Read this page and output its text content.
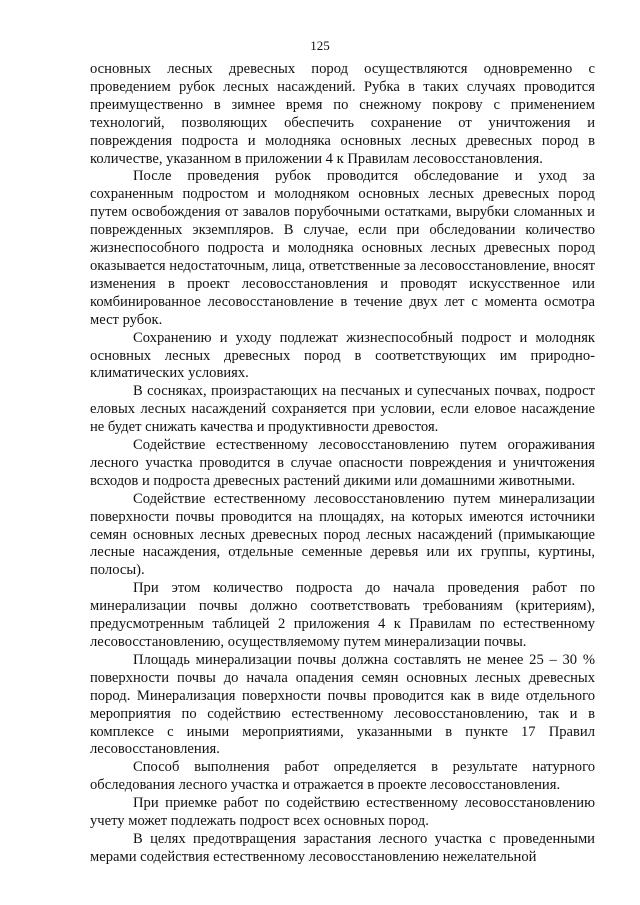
125

основных лесных древесных пород осуществляются одновременно с проведением рубок лесных насаждений. Рубка в таких случаях проводится преимущественно в зимнее время по снежному покрову с применением технологий, позволяющих обеспечить сохранение от уничтожения и повреждения подроста и молодняка основных лесных древесных пород в количестве, указанном в приложении 4 к Правилам лесовосстановления.

После проведения рубок проводится обследование и уход за сохраненным подростом и молодняком основных лесных древесных пород путем освобождения от завалов порубочными остатками, вырубки сломанных и поврежденных экземпляров. В случае, если при обследовании количество жизнеспособного подроста и молодняка основных лесных древесных пород оказывается недостаточным, лица, ответственные за лесовосстановление, вносят изменения в проект лесовосстановления и проводят искусственное или комбинированное лесовосстановление в течение двух лет с момента осмотра мест рубок.

Сохранению и уходу подлежат жизнеспособный подрост и молодняк основных лесных древесных пород в соответствующих им природно-климатических условиях.

В сосняках, произрастающих на песчаных и супесчаных почвах, подрост еловых лесных насаждений сохраняется при условии, если еловое насаждение не будет снижать качества и продуктивности древостоя.

Содействие естественному лесовосстановлению путем огораживания лесного участка проводится в случае опасности повреждения и уничтожения всходов и подроста древесных растений дикими или домашними животными.

Содействие естественному лесовосстановлению путем минерализации поверхности почвы проводится на площадях, на которых имеются источники семян основных лесных древесных пород лесных насаждений (примыкающие лесные насаждения, отдельные семенные деревья или их группы, куртины, полосы).

При этом количество подроста до начала проведения работ по минерализации почвы должно соответствовать требованиям (критериям), предусмотренным таблицей 2 приложения 4 к Правилам по естественному лесовосстановлению, осуществляемому путем минерализации почвы.

Площадь минерализации почвы должна составлять не менее 25 – 30 % поверхности почвы до начала опадения семян основных лесных древесных пород. Минерализация поверхности почвы проводится как в виде отдельного мероприятия по содействию естественному лесовосстановлению, так и в комплексе с иными мероприятиями, указанными в пункте 17 Правил лесовосстановления.

Способ выполнения работ определяется в результате натурного обследования лесного участка и отражается в проекте лесовосстановления.

При приемке работ по содействию естественному лесовосстановлению учету может подлежать подрост всех основных пород.

В целях предотвращения зарастания лесного участка с проведенными мерами содействия естественному лесовосстановлению нежелательной
